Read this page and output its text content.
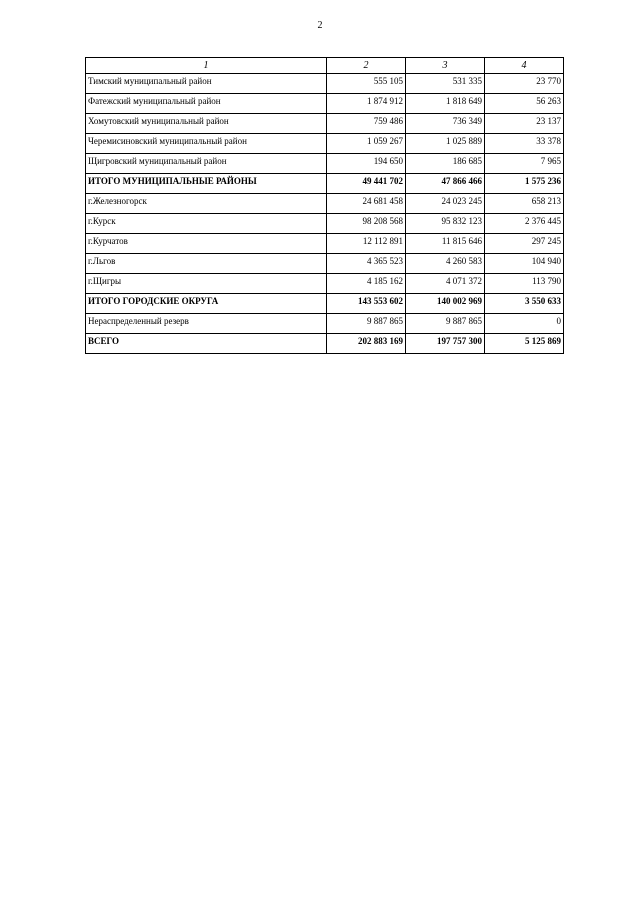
2
1	2	3	4
Тимский муниципальный район	555 105	531 335	23 770
Фатежский муниципальный район	1 874 912	1 818 649	56 263
Хомутовский муниципальный район	759 486	736 349	23 137
Черемисиновский муниципальный район	1 059 267	1 025 889	33 378
Щигровский муниципальный район	194 650	186 685	7 965
ИТОГО МУНИЦИПАЛЬНЫЕ РАЙОНЫ	49 441 702	47 866 466	1 575 236
г.Железногорск	24 681 458	24 023 245	658 213
г.Курск	98 208 568	95 832 123	2 376 445
г.Курчатов	12 112 891	11 815 646	297 245
г.Льгов	4 365 523	4 260 583	104 940
г.Щигры	4 185 162	4 071 372	113 790
ИТОГО ГОРОДСКИЕ ОКРУГА	143 553 602	140 002 969	3 550 633
Нераспределенный резерв	9 887 865	9 887 865	0
ВСЕГО	202 883 169	197 757 300	5 125 869
